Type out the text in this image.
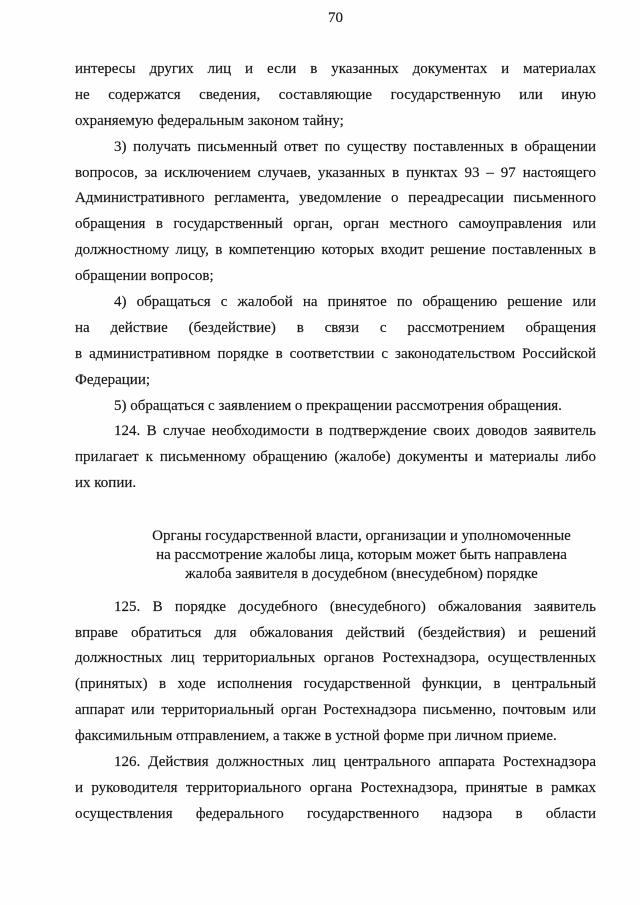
70
интересы других лиц и если в указанных документах и материалах
не содержатся сведения, составляющие государственную или иную
охраняемую федеральным законом тайну;
3) получать письменный ответ по существу поставленных в обращении
вопросов, за исключением случаев, указанных в пунктах 93 – 97 настоящего
Административного регламента, уведомление о переадресации письменного
обращения в государственный орган, орган местного самоуправления или
должностному лицу, в компетенцию которых входит решение поставленных в
обращении вопросов;
4) обращаться с жалобой на принятое по обращению решение или
на действие (бездействие) в связи с рассмотрением обращения
в административном порядке в соответствии с законодательством Российской
Федерации;
5) обращаться с заявлением о прекращении рассмотрения обращения.
124. В случае необходимости в подтверждение своих доводов заявитель
прилагает к письменному обращению (жалобе) документы и материалы либо
их копии.
Органы государственной власти, организации и уполномоченные
на рассмотрение жалобы лица, которым может быть направлена
жалоба заявителя в досудебном (внесудебном) порядке
125. В порядке досудебного (внесудебного) обжалования заявитель
вправе обратиться для обжалования действий (бездействия) и решений
должностных лиц территориальных органов Ростехнадзора, осуществленных
(принятых) в ходе исполнения государственной функции, в центральный
аппарат или территориальный орган Ростехнадзора письменно, почтовым или
факсимильным отправлением, а также в устной форме при личном приеме.
126. Действия должностных лиц центрального аппарата Ростехнадзора
и руководителя территориального органа Ростехнадзора, принятые в рамках
осуществления федерального государственного надзора в области
